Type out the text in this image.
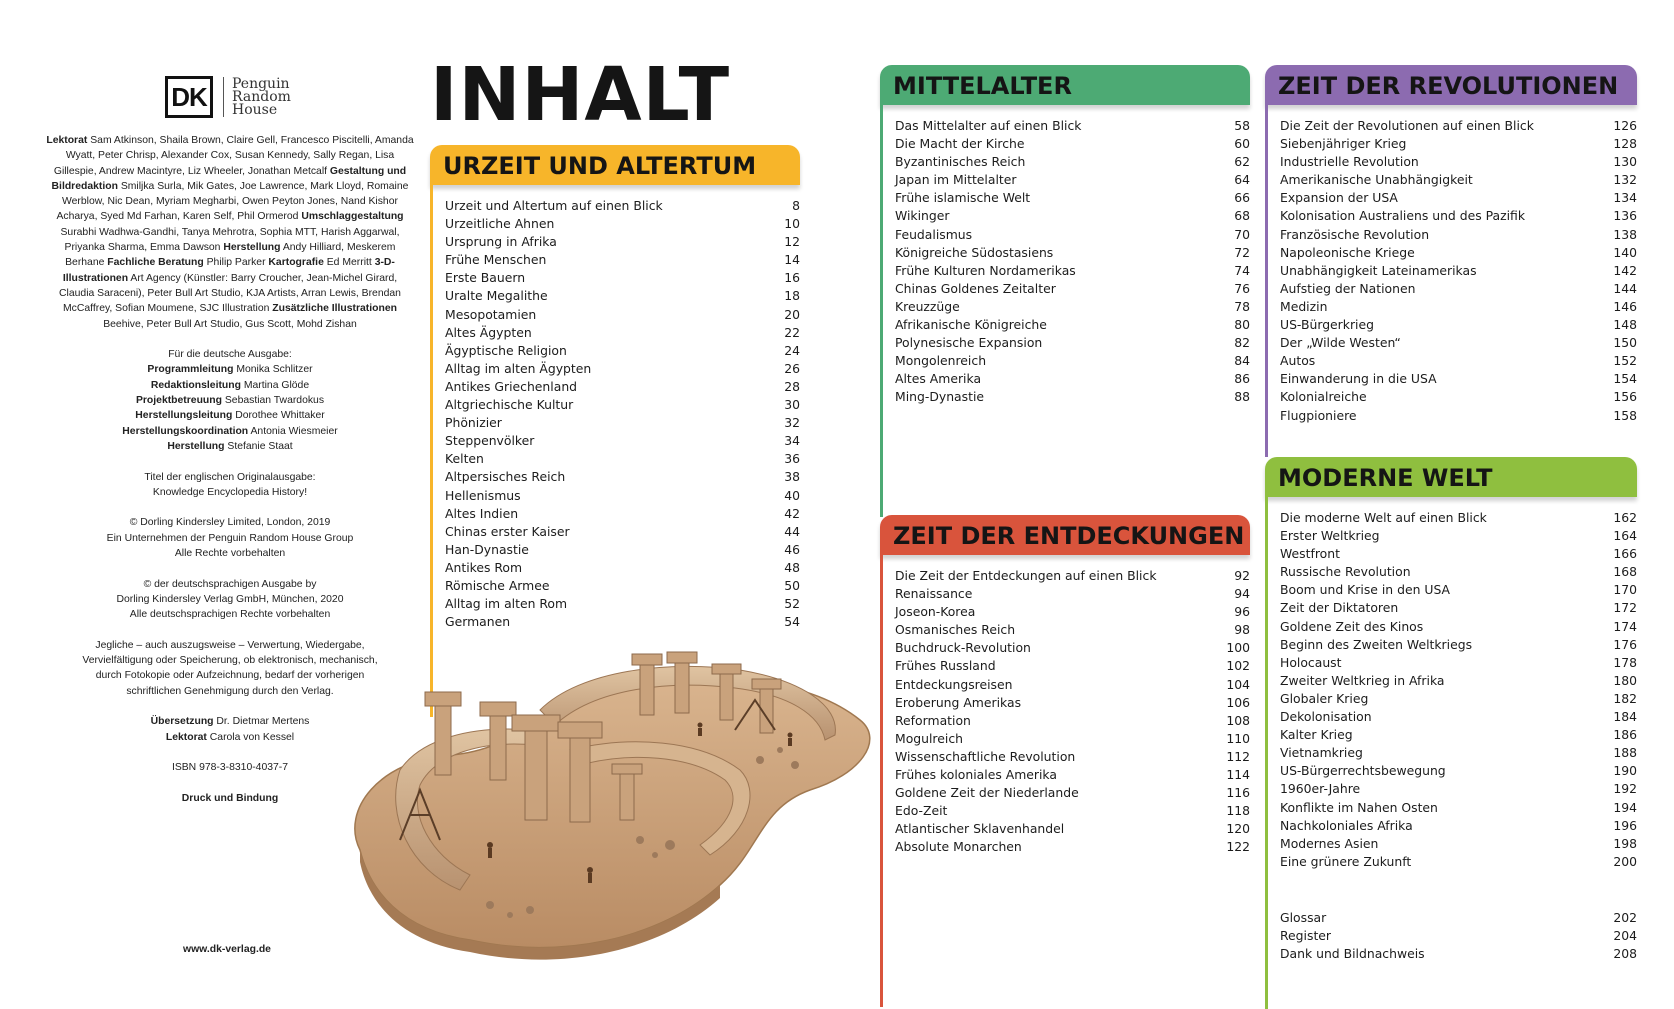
DK	Penguin
Random
House

Lektorat Sam Atkinson, Shaila Brown, Claire Gell, Francesco Piscitelli, Amanda Wyatt, Peter Chrisp, Alexander Cox, Susan Kennedy, Sally Regan, Lisa Gillespie, Andrew Macintyre, Liz Wheeler, Jonathan Metcalf Gestaltung und Bildredaktion Smiljka Surla, Mik Gates, Joe Lawrence, Mark Lloyd, Romaine Werblow, Nic Dean, Myriam Megharbi, Owen Peyton Jones, Nand Kishor Acharya, Syed Md Farhan, Karen Self, Phil Ormerod Umschlaggestaltung Surabhi Wadhwa-Gandhi, Tanya Mehrotra, Sophia MTT, Harish Aggarwal, Priyanka Sharma, Emma Dawson Herstellung Andy Hilliard, Meskerem Berhane Fachliche Beratung Philip Parker Kartografie Ed Merritt 3-D-Illustrationen Art Agency (Künstler: Barry Croucher, Jean-Michel Girard, Claudia Saraceni), Peter Bull Art Studio, KJA Artists, Arran Lewis, Brendan McCaffrey, Sofian Moumene, SJC Illustration Zusätzliche Illustrationen Beehive, Peter Bull Art Studio, Gus Scott, Mohd Zishan

Für die deutsche Ausgabe:
Programmleitung Monika Schlitzer
Redaktionsleitung Martina Glöde
Projektbetreuung Sebastian Twardokus
Herstellungsleitung Dorothee Whittaker
Herstellungskoordination Antonia Wiesmeier
Herstellung Stefanie Staat

Titel der englischen Originalausgabe:
Knowledge Encyclopedia History!

© Dorling Kindersley Limited, London, 2019
Ein Unternehmen der Penguin Random House Group
Alle Rechte vorbehalten

© der deutschsprachigen Ausgabe by
Dorling Kindersley Verlag GmbH, München, 2020
Alle deutschsprachigen Rechte vorbehalten

Jegliche – auch auszugsweise – Verwertung, Wiedergabe,
Vervielfältigung oder Speicherung, ob elektronisch, mechanisch,
durch Fotokopie oder Aufzeichnung, bedarf der vorherigen
schriftlichen Genehmigung durch den Verlag.

Übersetzung Dr. Dietmar Mertens
Lektorat Carola von Kessel

ISBN 978-3-8310-4037-7

Druck und Bindung

www.dk-verlag.de
INHALT
URZEIT UND ALTERTUM
Urzeit und Altertum auf einen Blick	8
Urzeitliche Ahnen	10
Ursprung in Afrika	12
Frühe Menschen	14
Erste Bauern	16
Uralte Megalithe	18
Mesopotamien	20
Altes Ägypten	22
Ägyptische Religion	24
Alltag im alten Ägypten	26
Antikes Griechenland	28
Altgriechische Kultur	30
Phönizier	32
Steppenvölker	34
Kelten	36
Altpersisches Reich	38
Hellenismus	40
Altes Indien	42
Chinas erster Kaiser	44
Han-Dynastie	46
Antikes Rom	48
Römische Armee	50
Alltag im alten Rom	52
Germanen	54
MITTELALTER
Das Mittelalter auf einen Blick	58
Die Macht der Kirche	60
Byzantinisches Reich	62
Japan im Mittelalter	64
Frühe islamische Welt	66
Wikinger	68
Feudalismus	70
Königreiche Südostasiens	72
Frühe Kulturen Nordamerikas	74
Chinas Goldenes Zeitalter	76
Kreuzzüge	78
Afrikanische Königreiche	80
Polynesische Expansion	82
Mongolenreich	84
Altes Amerika	86
Ming-Dynastie	88
ZEIT DER REVOLUTIONEN
Die Zeit der Revolutionen auf einen Blick	126
Siebenjähriger Krieg	128
Industrielle Revolution	130
Amerikanische Unabhängigkeit	132
Expansion der USA	134
Kolonisation Australiens und des Pazifik	136
Französische Revolution	138
Napoleonische Kriege	140
Unabhängigkeit Lateinamerikas	142
Aufstieg der Nationen	144
Medizin	146
US-Bürgerkrieg	148
Der „Wilde Westen“	150
Autos	152
Einwanderung in die USA	154
Kolonialreiche	156
Flugpioniere	158
ZEIT DER ENTDECKUNGEN
Die Zeit der Entdeckungen auf einen Blick	92
Renaissance	94
Joseon-Korea	96
Osmanisches Reich	98
Buchdruck-Revolution	100
Frühes Russland	102
Entdeckungsreisen	104
Eroberung Amerikas	106
Reformation	108
Mogulreich	110
Wissenschaftliche Revolution	112
Frühes koloniales Amerika	114
Goldene Zeit der Niederlande	116
Edo-Zeit	118
Atlantischer Sklavenhandel	120
Absolute Monarchen	122
MODERNE WELT
Die moderne Welt auf einen Blick	162
Erster Weltkrieg	164
Westfront	166
Russische Revolution	168
Boom und Krise in den USA	170
Zeit der Diktatoren	172
Goldene Zeit des Kinos	174
Beginn des Zweiten Weltkriegs	176
Holocaust	178
Zweiter Weltkrieg in Afrika	180
Globaler Krieg	182
Dekolonisation	184
Kalter Krieg	186
Vietnamkrieg	188
US-Bürgerrechtsbewegung	190
1960er-Jahre	192
Konflikte im Nahen Osten	194
Nachkoloniales Afrika	196
Modernes Asien	198
Eine grünere Zukunft	200
Glossar	202
Register	204
Dank und Bildnachweis	208
